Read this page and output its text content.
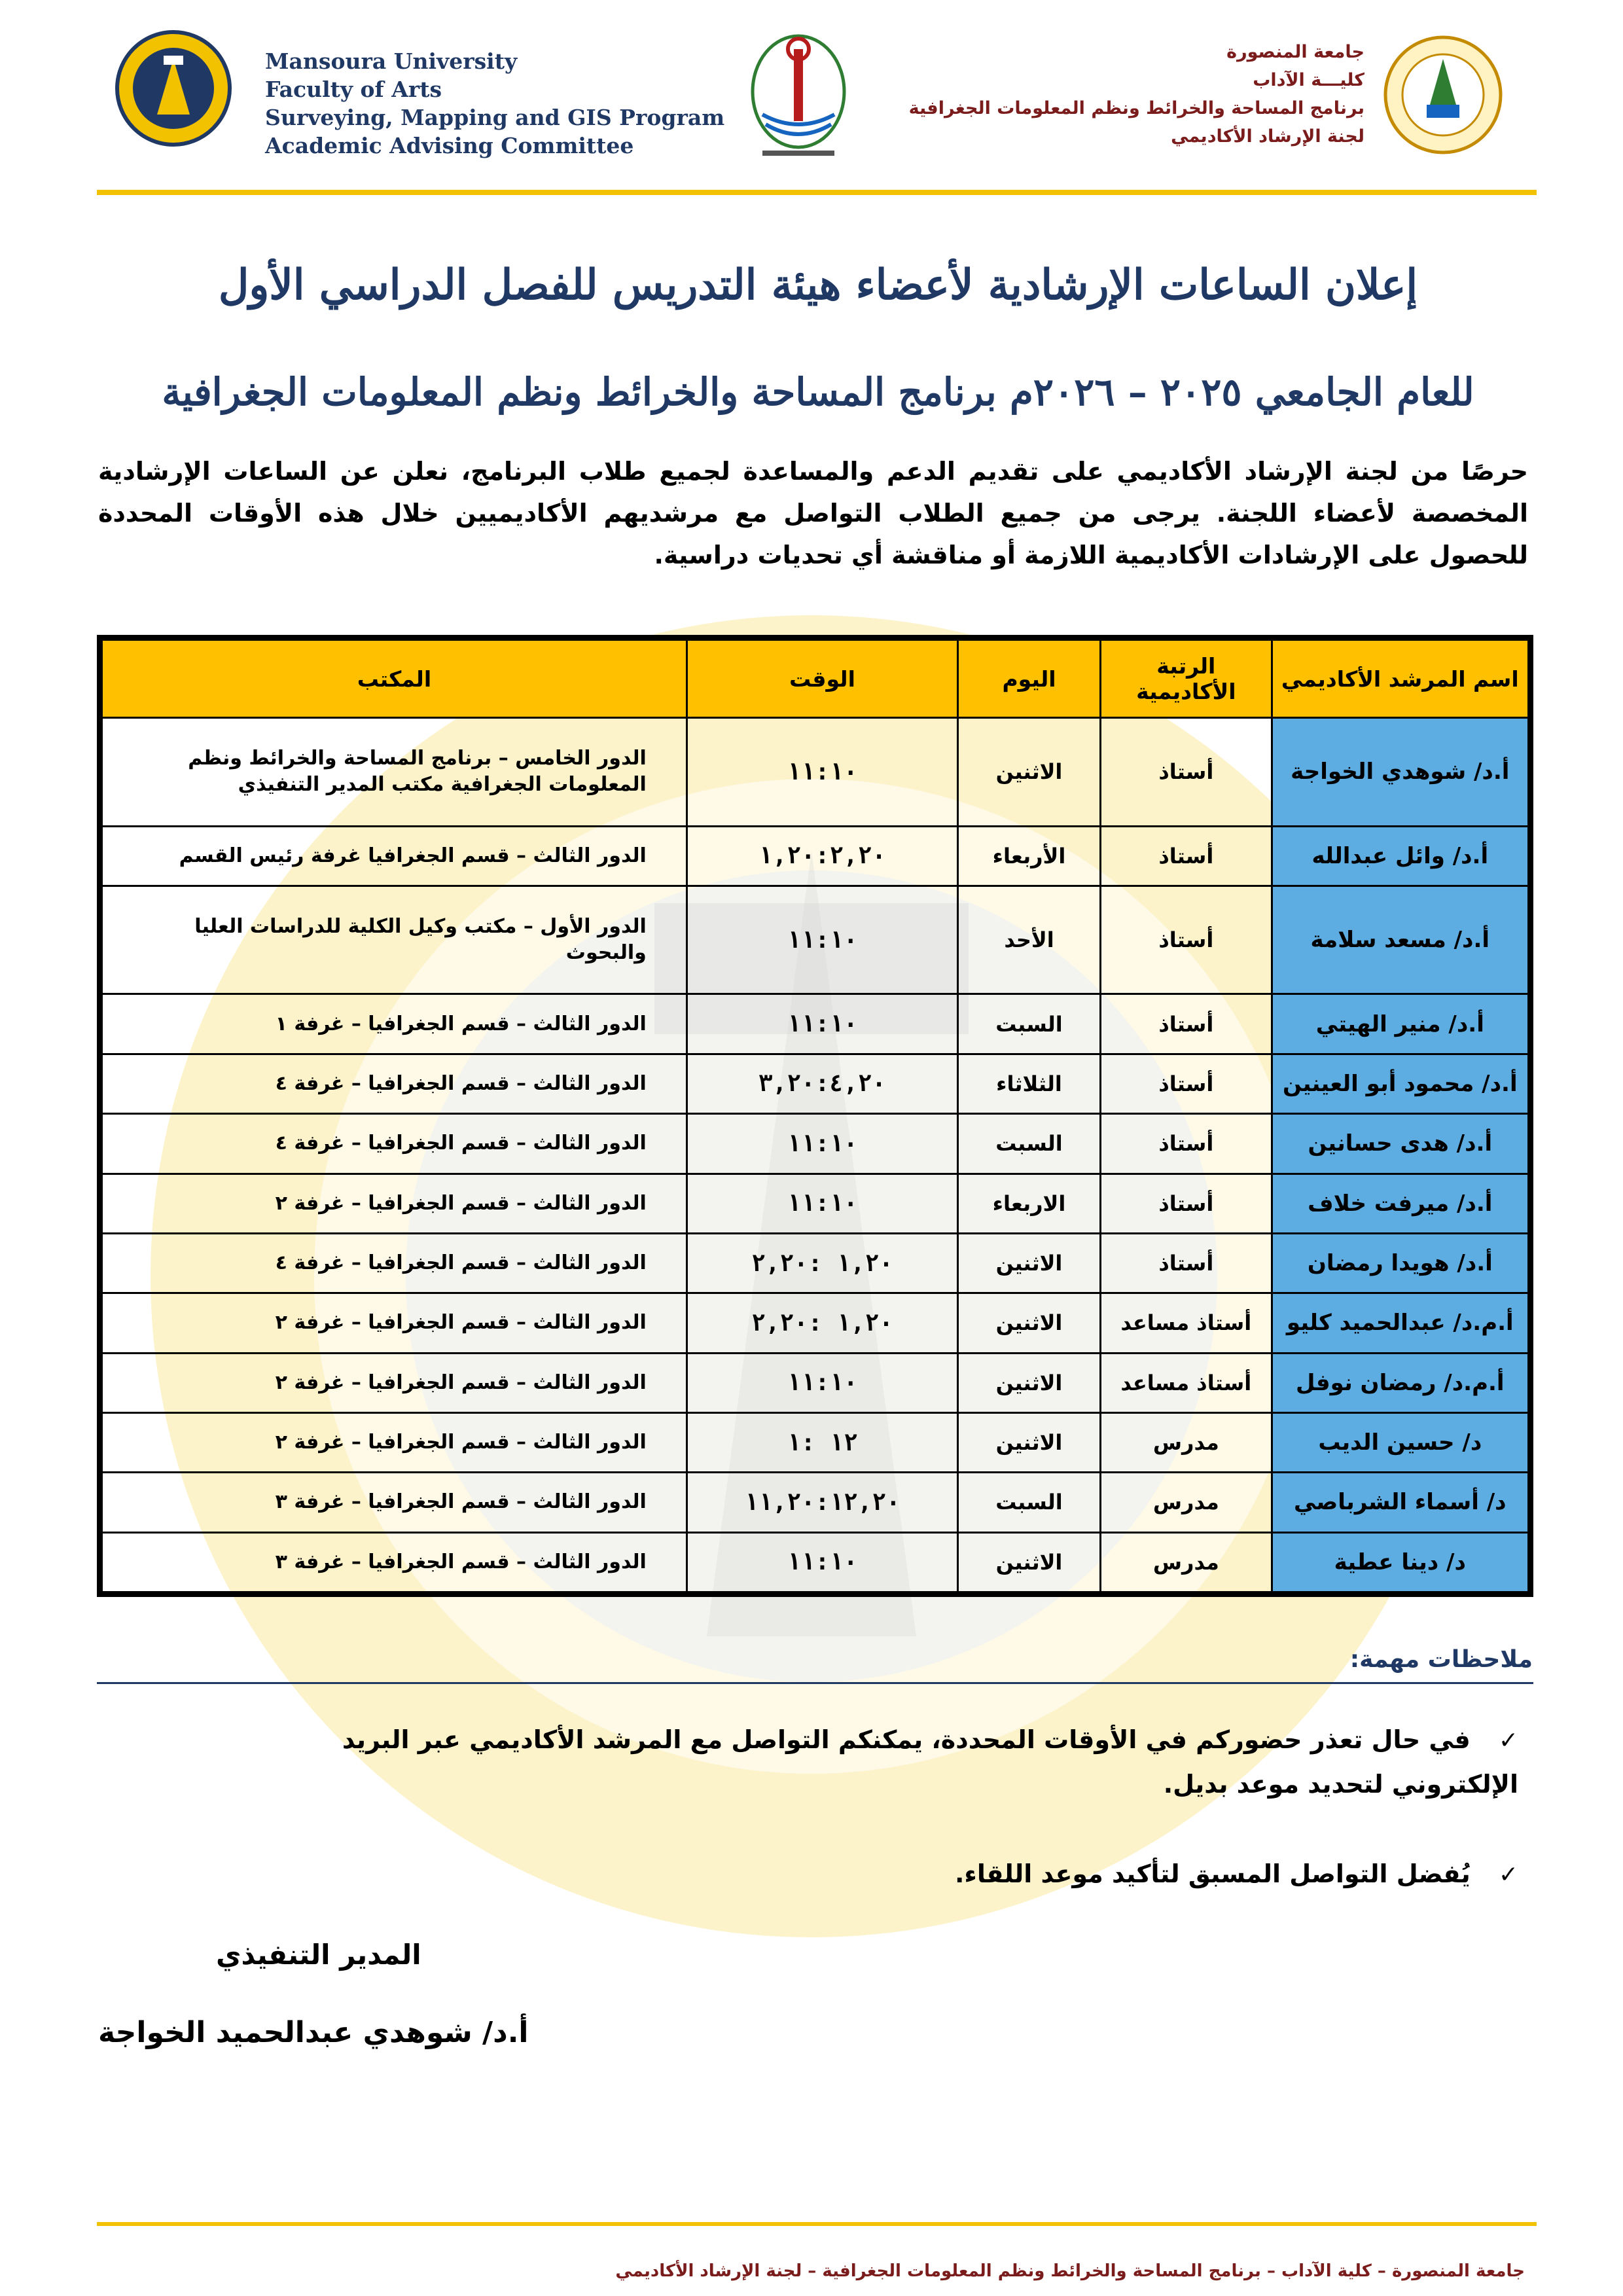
Mansoura University
Faculty of Arts
Surveying, Mapping and GIS Program
Academic Advising Committee
جامعة المنصورة
كليـــة الآداب
برنامج المساحة والخرائط ونظم المعلومات الجغرافية
لجنة الإرشاد الأكاديمي
إعلان الساعات الإرشادية لأعضاء هيئة التدريس للفصل الدراسي الأول
للعام الجامعي ٢٠٢٥ – ٢٠٢٦م برنامج المساحة والخرائط ونظم المعلومات الجغرافية
حرصًا من لجنة الإرشاد الأكاديمي على تقديم الدعم والمساعدة لجميع طلاب البرنامج، نعلن عن الساعات الإرشادية المخصصة لأعضاء اللجنة. يرجى من جميع الطلاب التواصل مع مرشديهم الأكاديميين خلال هذه الأوقات المحددة للحصول على الإرشادات الأكاديمية اللازمة أو مناقشة أي تحديات دراسية.
اسم المرشد الأكاديمي	الرتبة الأكاديمية	اليوم	الوقت	المكتب
أ.د/ شوهدي الخواجة	أستاذ	الاثنين	١١:١٠	الدور الخامس – برنامج المساحة والخرائط ونظم المعلومات الجغرافية مكتب المدير التنفيذي
أ.د/ وائل عبدالله	أستاذ	الأربعاء	١,٢٠:٢,٢٠	الدور الثالث – قسم الجغرافيا غرفة رئيس القسم
أ.د/ مسعد سلامة	أستاذ	الأحد	١١:١٠	الدور الأول – مكتب وكيل الكلية للدراسات العليا والبحوث
أ.د/ منير الهيتي	أستاذ	السبت	١١:١٠	الدور الثالث – قسم الجغرافيا – غرفة ١
أ.د/ محمود أبو العينين	أستاذ	الثلاثاء	٣,٢٠:٤,٢٠	الدور الثالث – قسم الجغرافيا – غرفة ٤
أ.د/ هدى حسانين	أستاذ	السبت	١١:١٠	الدور الثالث – قسم الجغرافيا – غرفة ٤
أ.د/ ميرفت خلاف	أستاذ	الاربعاء	١١:١٠	الدور الثالث – قسم الجغرافيا – غرفة ٢
أ.د/ هويدا رمضان	أستاذ	الاثنين	١,٢٠ :٢,٢٠	الدور الثالث – قسم الجغرافيا – غرفة ٤
أ.م.د/ عبدالحميد كليو	أستاذ مساعد	الاثنين	١,٢٠ :٢,٢٠	الدور الثالث – قسم الجغرافيا – غرفة ٢
أ.م.د/ رمضان نوفل	أستاذ مساعد	الاثنين	١١:١٠	الدور الثالث – قسم الجغرافيا – غرفة ٢
د/ حسين الديب	مدرس	الاثنين	١٢ :١	الدور الثالث – قسم الجغرافيا – غرفة ٢
د/ أسماء الشرباصي	مدرس	السبت	١١,٢٠:١٢,٢٠	الدور الثالث – قسم الجغرافيا – غرفة ٣
د/ دينا عطية	مدرس	الاثنين	١١:١٠	الدور الثالث – قسم الجغرافيا – غرفة ٣
ملاحظات مهمة:
✓ في حال تعذر حضوركم في الأوقات المحددة، يمكنكم التواصل مع المرشد الأكاديمي عبر البريد الإلكتروني لتحديد موعد بديل.
✓ يُفضل التواصل المسبق لتأكيد موعد اللقاء.
المدير التنفيذي
أ.د/ شوهدي عبدالحميد الخواجة
جامعة المنصورة – كلية الآداب – برنامج المساحة والخرائط ونظم المعلومات الجغرافية – لجنة الإرشاد الأكاديمي
